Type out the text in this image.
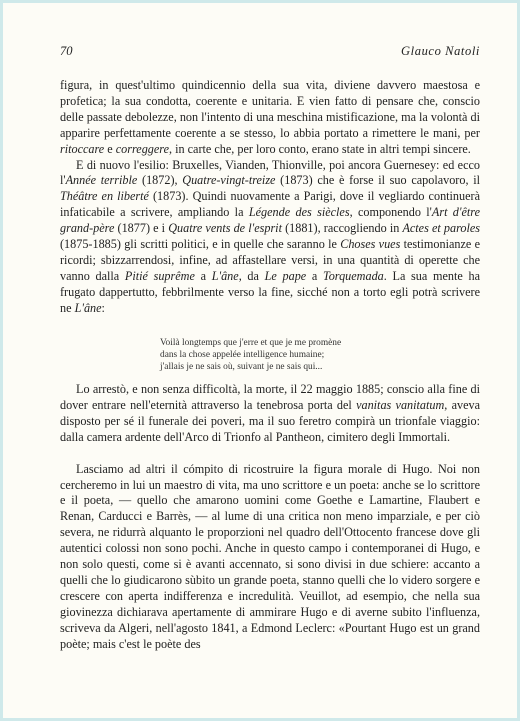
70	Glauco Natoli

figura, in quest'ultimo quindicennio della sua vita, diviene davvero maestosa e profetica; la sua condotta, coerente e unitaria. E vien fatto di pensare che, conscio delle passate debolezze, non l'intento di una meschina mistificazione, ma la volontà di apparire perfettamente coerente a se stesso, lo abbia portato a rimettere le mani, per ritoccare e correggere, in carte che, per loro conto, erano state in altri tempi sincere.

E di nuovo l'esilio: Bruxelles, Vianden, Thionville, poi ancora Guernesey: ed ecco l'Année terrible (1872), Quatre-vingt-treize (1873) che è forse il suo capolavoro, il Théâtre en liberté (1873). Quindi nuovamente a Parigi, dove il vegliardo continuerà infaticabile a scrivere, ampliando la Légende des siècles, componendo l'Art d'être grand-père (1877) e i Quatre vents de l'esprit (1881), raccogliendo in Actes et paroles (1875-1885) gli scritti politici, e in quelle che saranno le Choses vues testimonianze e ricordi; sbizzarrendosi, infine, ad affastellare versi, in una quantità di operette che vanno dalla Pitié suprême a L'âne, da Le pape a Torquemada. La sua mente ha frugato dappertutto, febbrilmente verso la fine, sicché non a torto egli potrà scrivere ne L'âne:

Voilà longtemps que j'erre et que je me promène
dans la chose appelée intelligence humaine;
j'allais je ne sais où, suivant je ne sais qui...

Lo arrestò, e non senza difficoltà, la morte, il 22 maggio 1885; conscio alla fine di dover entrare nell'eternità attraverso la tenebrosa porta del vanitas vanitatum, aveva disposto per sé il funerale dei poveri, ma il suo feretro compirà un trionfale viaggio: dalla camera ardente dell'Arco di Trionfo al Pantheon, cimitero degli Immortali.

Lasciamo ad altri il cómpito di ricostruire la figura morale di Hugo. Noi non cercheremo in lui un maestro di vita, ma uno scrittore e un poeta: anche se lo scrittore e il poeta, — quello che amarono uomini come Goethe e Lamartine, Flaubert e Renan, Carducci e Barrès, — al lume di una critica non meno imparziale, e per ciò severa, ne ridurrà alquanto le proporzioni nel quadro dell'Ottocento francese dove gli autentici colossi non sono pochi. Anche in questo campo i contemporanei di Hugo, e non solo questi, come si è avanti accennato, si sono divisi in due schiere: accanto a quelli che lo giudicarono sùbito un grande poeta, stanno quelli che lo videro sorgere e crescere con aperta indifferenza e incredulità. Veuillot, ad esempio, che nella sua giovinezza dichiarava apertamente di ammirare Hugo e di averne subito l'influenza, scriveva da Algeri, nell'agosto 1841, a Edmond Leclerc: «Pourtant Hugo est un grand poète; mais c'est le poète des
